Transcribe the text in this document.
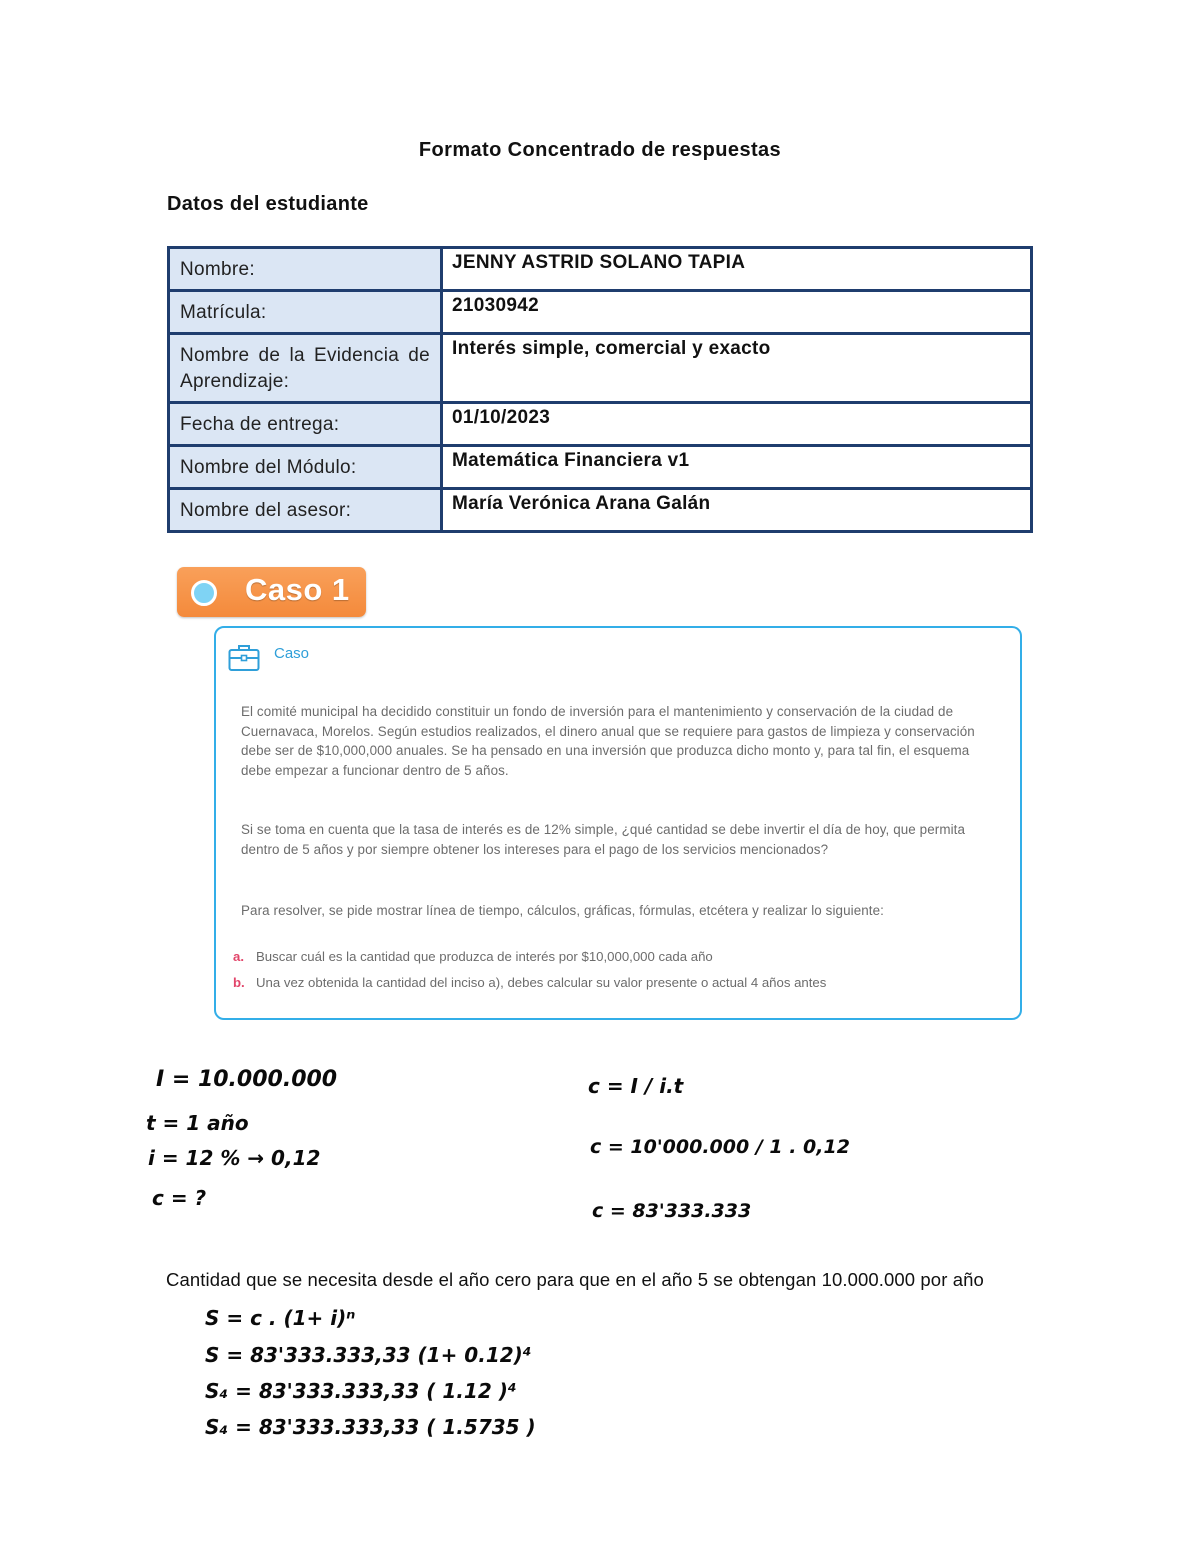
Formato Concentrado de respuestas
Datos del estudiante
Nombre:	JENNY ASTRID SOLANO TAPIA
Matrícula:	21030942
Nombre de la Evidencia de Aprendizaje:	Interés simple, comercial y exacto
Fecha de entrega:	01/10/2023
Nombre del Módulo:	Matemática Financiera v1
Nombre del asesor:	María Verónica Arana Galán
Caso 1
Caso
El comité municipal ha decidido constituir un fondo de inversión para el mantenimiento y conservación de la ciudad de Cuernavaca, Morelos. Según estudios realizados, el dinero anual que se requiere para gastos de limpieza y conservación debe ser de $10,000,000 anuales. Se ha pensado en una inversión que produzca dicho monto y, para tal fin, el esquema debe empezar a funcionar dentro de 5 años.
Si se toma en cuenta que la tasa de interés es de 12% simple, ¿qué cantidad se debe invertir el día de hoy, que permita dentro de 5 años y por siempre obtener los intereses para el pago de los servicios mencionados?
Para resolver, se pide mostrar línea de tiempo, cálculos, gráficas, fórmulas, etcétera y realizar lo siguiente:
a. Buscar cuál es la cantidad que produzca de interés por $10,000,000 cada año
b. Una vez obtenida la cantidad del inciso a), debes calcular su valor presente o actual 4 años antes
I = 10.000.000
t = 1 año
i = 12 % → 0,12
c = ?
c = I / i.t
c = 10'000.000 / 1 . 0,12
c = 83'333.333
S = c . (1+ i)ⁿ
S = 83'333.333,33 (1+ 0.12)⁴
S₄ = 83'333.333,33 ( 1.12 )⁴
S₄ = 83'333.333,33 ( 1.5735 )
Cantidad que se necesita desde el año cero para que en el año 5 se obtengan 10.000.000 por año
